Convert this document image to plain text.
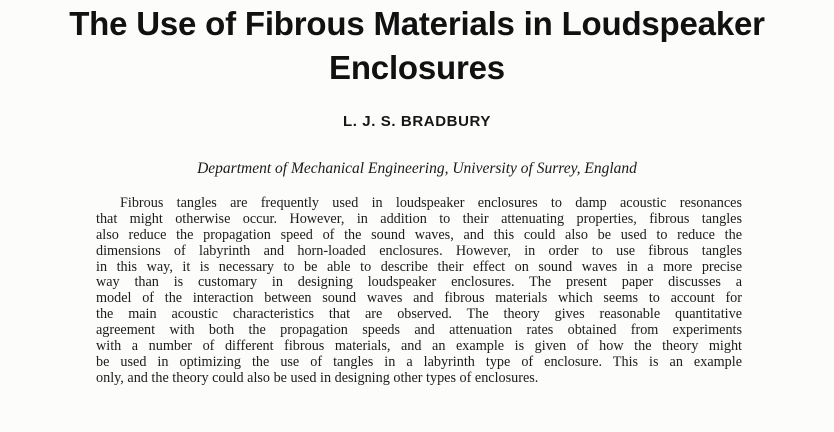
The Use of Fibrous Materials in Loudspeaker
Enclosures
L. J. S. BRADBURY
Department of Mechanical Engineering, University of Surrey, England
Fibrous tangles are frequently used in loudspeaker enclosures to damp acoustic resonances
that might otherwise occur. However, in addition to their attenuating properties, fibrous tangles
also reduce the propagation speed of the sound waves, and this could also be used to reduce the
dimensions of labyrinth and horn-loaded enclosures. However, in order to use fibrous tangles
in this way, it is necessary to be able to describe their effect on sound waves in a more precise
way than is customary in designing loudspeaker enclosures. The present paper discusses a
model of the interaction between sound waves and fibrous materials which seems to account for
the main acoustic characteristics that are observed. The theory gives reasonable quantitative
agreement with both the propagation speeds and attenuation rates obtained from experiments
with a number of different fibrous materials, and an example is given of how the theory might
be used in optimizing the use of tangles in a labyrinth type of enclosure. This is an example
only, and the theory could also be used in designing other types of enclosures.
